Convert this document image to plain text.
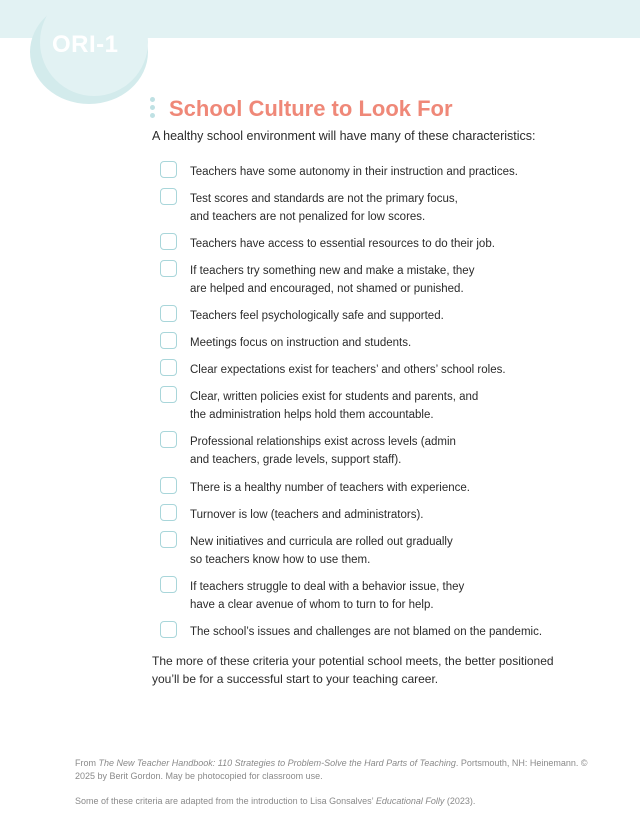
ORI-1
School Culture to Look For

A healthy school environment will have many of these characteristics:

Teachers have some autonomy in their instruction and practices.
Test scores and standards are not the primary focus,
and teachers are not penalized for low scores.
Teachers have access to essential resources to do their job.
If teachers try something new and make a mistake, they
are helped and encouraged, not shamed or punished.
Teachers feel psychologically safe and supported.
Meetings focus on instruction and students.
Clear expectations exist for teachers’ and others’ school roles.
Clear, written policies exist for students and parents, and
the administration helps hold them accountable.
Professional relationships exist across levels (admin
and teachers, grade levels, support staff).
There is a healthy number of teachers with experience.
Turnover is low (teachers and administrators).
New initiatives and curricula are rolled out gradually
so teachers know how to use them.
If teachers struggle to deal with a behavior issue, they
have a clear avenue of whom to turn to for help.
The school’s issues and challenges are not blamed on the pandemic.

The more of these criteria your potential school meets, the better positioned
you’ll be for a successful start to your teaching career.

From The New Teacher Handbook: 110 Strategies to Problem-Solve the Hard Parts of Teaching. Portsmouth, NH: Heinemann. © 2025 by Berit Gordon. May be photocopied for classroom use.

Some of these criteria are adapted from the introduction to Lisa Gonsalves’ Educational Folly (2023).
